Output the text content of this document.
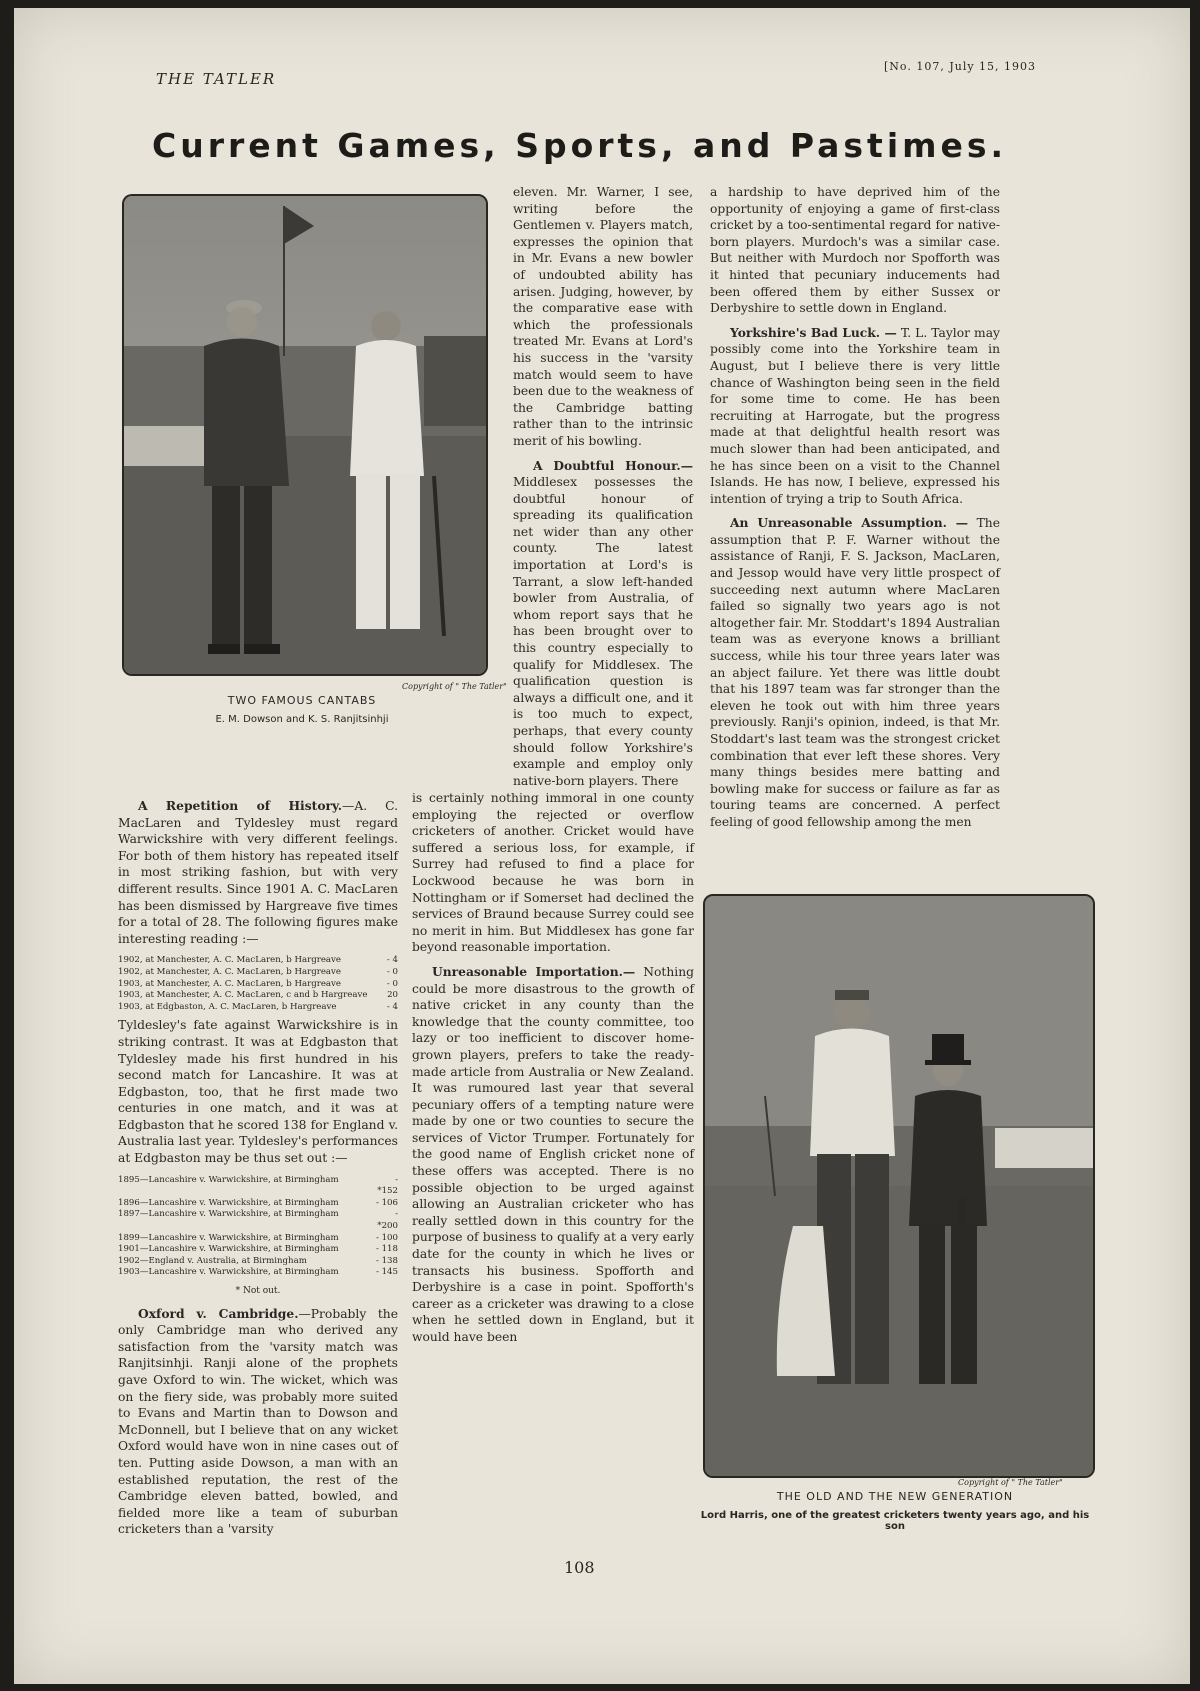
THE TATLER
[No. 107, July 15, 1903
Current Games, Sports, and Pastimes.
Copyright of " The Tatler"
TWO FAMOUS CANTABS
E. M. Dowson and K. S. Ranjitsinhji

eleven. Mr. Warner, I see, writing before the Gentlemen v. Players match, expresses the opinion that in Mr. Evans a new bowler of undoubted ability has arisen. Judging, however, by the comparative ease with which the professionals treated Mr. Evans at Lord's his success in the 'varsity match would seem to have been due to the weakness of the Cambridge batting rather than to the intrinsic merit of his bowling.

A Doubtful Honour.— Middlesex possesses the doubtful honour of spreading its qualification net wider than any other county. The latest importation at Lord's is Tarrant, a slow left-handed bowler from Australia, of whom report says that he has been brought over to this country especially to qualify for Middlesex. The qualification question is always a difficult one, and it is too much to expect, perhaps, that every county should follow Yorkshire's example and employ only native-born players. There

a hardship to have deprived him of the opportunity of enjoying a game of first-class cricket by a too-sentimental regard for native-born players. Murdoch's was a similar case. But neither with Murdoch nor Spofforth was it hinted that pecuniary inducements had been offered them by either Sussex or Derbyshire to settle down in England.

Yorkshire's Bad Luck. — T. L. Taylor may possibly come into the Yorkshire team in August, but I believe there is very little chance of Washington being seen in the field for some time to come. He has been recruiting at Harrogate, but the progress made at that delightful health resort was much slower than had been anticipated, and he has since been on a visit to the Channel Islands. He has now, I believe, expressed his intention of trying a trip to South Africa.

An Unreasonable Assumption. — The assumption that P. F. Warner without the assistance of Ranji, F. S. Jackson, MacLaren, and Jessop would have very little prospect of succeeding next autumn where MacLaren failed so signally two years ago is not altogether fair. Mr. Stoddart's 1894 Australian team was as everyone knows a brilliant success, while his tour three years later was an abject failure. Yet there was little doubt that his 1897 team was far stronger than the eleven he took out with him three years previously. Ranji's opinion, indeed, is that Mr. Stoddart's last team was the strongest cricket combination that ever left these shores. Very many things besides mere batting and bowling make for success or failure as far as touring teams are concerned. A perfect feeling of good fellowship among the men

A Repetition of History.—A. C. MacLaren and Tyldesley must regard Warwickshire with very different feelings. For both of them history has repeated itself in most striking fashion, but with very different results. Since 1901 A. C. MacLaren has been dismissed by Hargreave five times for a total of 28. The following figures make interesting reading :—

1902, at Manchester, A. C. MacLaren, b Hargreave	- 4
1902, at Manchester, A. C. MacLaren, b Hargreave	- 0
1903, at Manchester, A. C. MacLaren, b Hargreave	- 0
1903, at Manchester, A. C. MacLaren, c and b Hargreave	20
1903, at Edgbaston, A. C. MacLaren, b Hargreave	- 4

Tyldesley's fate against Warwickshire is in striking contrast. It was at Edgbaston that Tyldesley made his first hundred in his second match for Lancashire. It was at Edgbaston, too, that he first made two centuries in one match, and it was at Edgbaston that he scored 138 for England v. Australia last year. Tyldesley's performances at Edgbaston may be thus set out :—

1895—Lancashire v. Warwickshire, at Birmingham	- *152
1896—Lancashire v. Warwickshire, at Birmingham	- 106
1897—Lancashire v. Warwickshire, at Birmingham	- *200
1899—Lancashire v. Warwickshire, at Birmingham	- 100
1901—Lancashire v. Warwickshire, at Birmingham	- 118
1902—England v. Australia, at Birmingham	- 138
1903—Lancashire v. Warwickshire, at Birmingham	- 145
* Not out.

Oxford v. Cambridge.—Probably the only Cambridge man who derived any satisfaction from the 'varsity match was Ranjitsinhji. Ranji alone of the prophets gave Oxford to win. The wicket, which was on the fiery side, was probably more suited to Evans and Martin than to Dowson and McDonnell, but I believe that on any wicket Oxford would have won in nine cases out of ten. Putting aside Dowson, a man with an established reputation, the rest of the Cambridge eleven batted, bowled, and fielded more like a team of suburban cricketers than a 'varsity

is certainly nothing immoral in one county employing the rejected or overflow cricketers of another. Cricket would have suffered a serious loss, for example, if Surrey had refused to find a place for Lockwood because he was born in Nottingham or if Somerset had declined the services of Braund because Surrey could see no merit in him. But Middlesex has gone far beyond reasonable importation.

Unreasonable Importation.— Nothing could be more disastrous to the growth of native cricket in any county than the knowledge that the county committee, too lazy or too inefficient to discover home-grown players, prefers to take the ready-made article from Australia or New Zealand. It was rumoured last year that several pecuniary offers of a tempting nature were made by one or two counties to secure the services of Victor Trumper. Fortunately for the good name of English cricket none of these offers was accepted. There is no possible objection to be urged against allowing an Australian cricketer who has really settled down in this country for the purpose of business to qualify at a very early date for the county in which he lives or transacts his business. Spofforth and Derbyshire is a case in point. Spofforth's career as a cricketer was drawing to a close when he settled down in England, but it would have been

Copyright of " The Tatler"
THE OLD AND THE NEW GENERATION
Lord Harris, one of the greatest cricketers twenty years ago, and his son
108
